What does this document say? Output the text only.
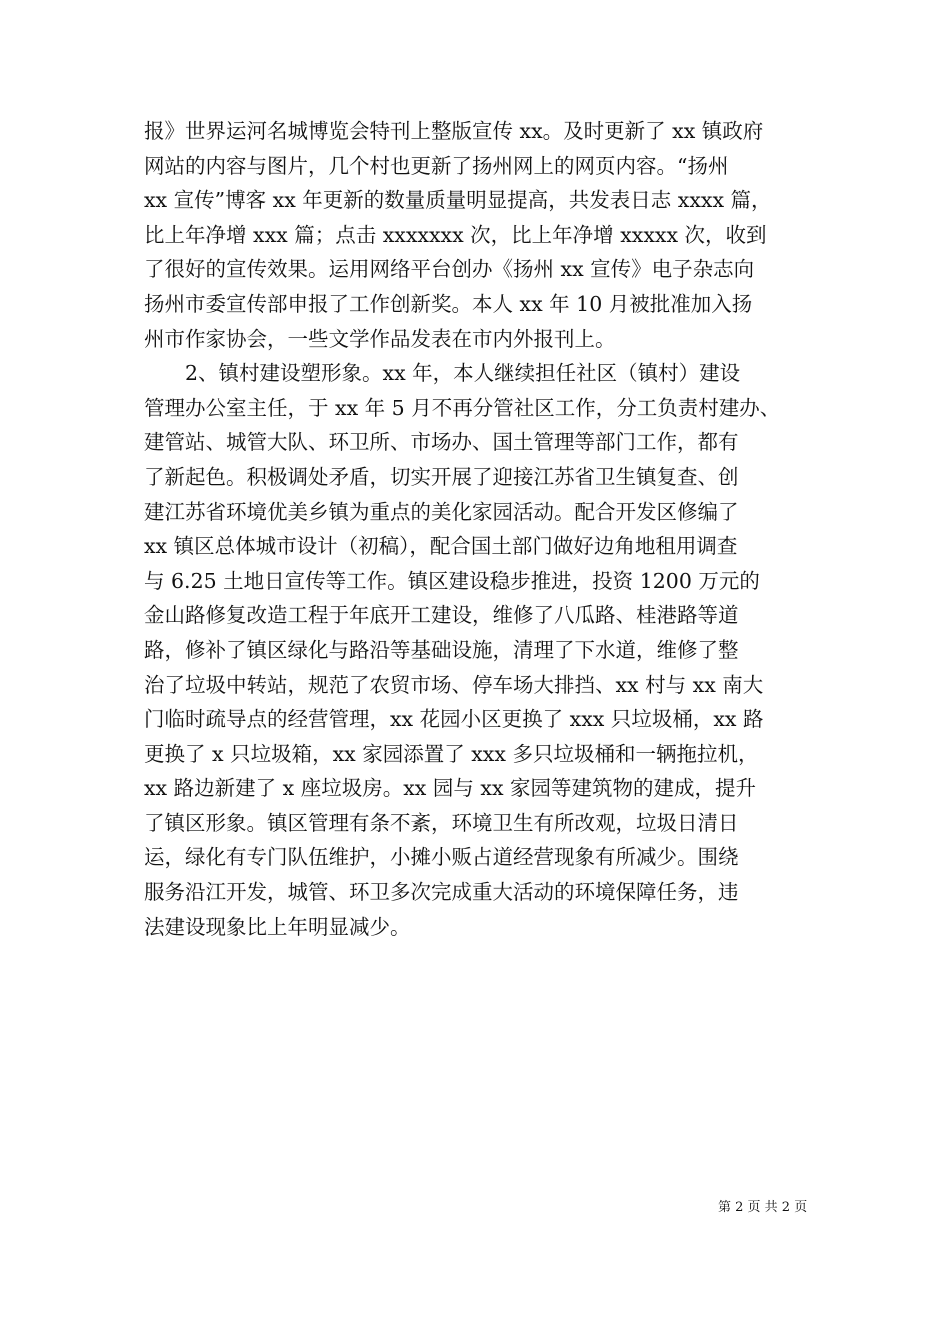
报》世界运河名城博览会特刊上整版宣传 xx。及时更新了 xx 镇政府
网站的内容与图片，几个村也更新了扬州网上的网页内容。“扬州
xx 宣传”博客 xx 年更新的数量质量明显提高，共发表日志 xxxx 篇，
比上年净增 xxx 篇；点击 xxxxxxx 次，比上年净增 xxxxx 次，收到
了很好的宣传效果。运用网络平台创办《扬州 xx 宣传》电子杂志向
扬州市委宣传部申报了工作创新奖。本人 xx 年 10 月被批准加入扬
州市作家协会，一些文学作品发表在市内外报刊上。
　　2、镇村建设塑形象。xx 年，本人继续担任社区（镇村）建设
管理办公室主任，于 xx 年 5 月不再分管社区工作，分工负责村建办、
建管站、城管大队、环卫所、市场办、国土管理等部门工作，都有
了新起色。积极调处矛盾，切实开展了迎接江苏省卫生镇复查、创
建江苏省环境优美乡镇为重点的美化家园活动。配合开发区修编了
xx 镇区总体城市设计（初稿），配合国土部门做好边角地租用调查
与 6.25 土地日宣传等工作。镇区建设稳步推进，投资 1200 万元的
金山路修复改造工程于年底开工建设，维修了八瓜路、桂港路等道
路，修补了镇区绿化与路沿等基础设施，清理了下水道，维修了整
治了垃圾中转站，规范了农贸市场、停车场大排挡、xx 村与 xx 南大
门临时疏导点的经营管理，xx 花园小区更换了 xxx 只垃圾桶，xx 路
更换了 x 只垃圾箱，xx 家园添置了 xxx 多只垃圾桶和一辆拖拉机，
xx 路边新建了 x 座垃圾房。xx 园与 xx 家园等建筑物的建成，提升
了镇区形象。镇区管理有条不紊，环境卫生有所改观，垃圾日清日
运，绿化有专门队伍维护，小摊小贩占道经营现象有所减少。围绕
服务沿江开发，城管、环卫多次完成重大活动的环境保障任务，违
法建设现象比上年明显减少。
第 2 页 共 2 页
